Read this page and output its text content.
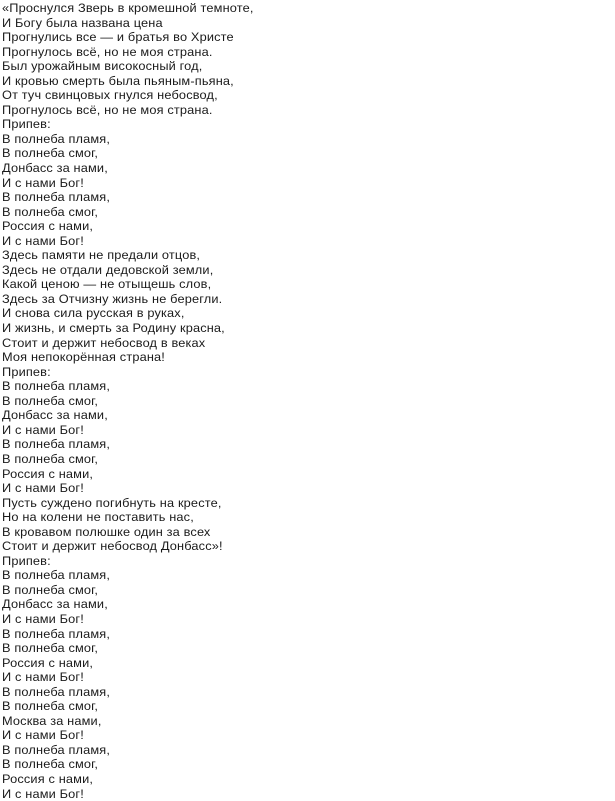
«Проснулся Зверь в кромешной темноте,
И Богу была названа цена
Прогнулись все — и братья во Христе
Прогнулось всё, но не моя страна.
Был урожайным високосный год,
И кровью смерть была пьяным-пьяна,
От туч свинцовых гнулся небосвод,
Прогнулось всё, но не моя страна.
Припев:
В полнеба пламя,
В полнеба смог,
Донбасс за нами,
И с нами Бог!
В полнеба пламя,
В полнеба смог,
Россия с нами,
И с нами Бог!
Здесь памяти не предали отцов,
Здесь не отдали дедовской земли,
Какой ценою — не отыщешь слов,
Здесь за Отчизну жизнь не берегли.
И снова сила русская в руках,
И жизнь, и смерть за Родину красна,
Стоит и держит небосвод в веках
Моя непокорённая страна!
Припев:
В полнеба пламя,
В полнеба смог,
Донбасс за нами,
И с нами Бог!
В полнеба пламя,
В полнеба смог,
Россия с нами,
И с нами Бог!
Пусть суждено погибнуть на кресте,
Но на колени не поставить нас,
В кровавом полюшке один за всех
Стоит и держит небосвод Донбасс»!
Припев:
В полнеба пламя,
В полнеба смог,
Донбасс за нами,
И с нами Бог!
В полнеба пламя,
В полнеба смог,
Россия с нами,
И с нами Бог!
В полнеба пламя,
В полнеба смог,
Москва за нами,
И с нами Бог!
В полнеба пламя,
В полнеба смог,
Россия с нами,
И с нами Бог!
